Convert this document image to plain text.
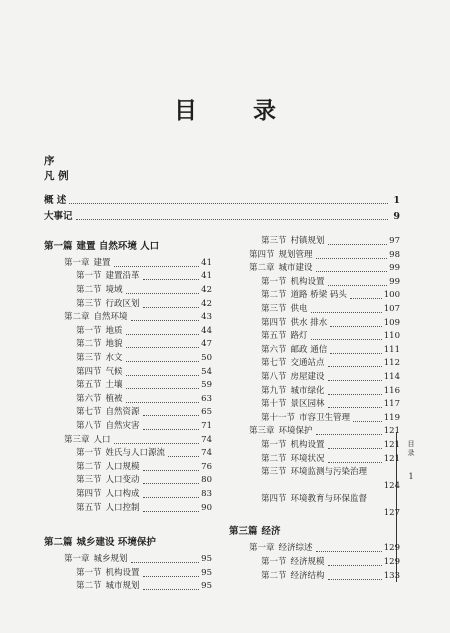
目 录
序
凡 例
概 述	1
大事记	9
目 录
1
第一篇 建置 自然环境 人口
第一章 建置	41
第一节 建置沿革	41
第二节 境域	42
第三节 行政区划	42
第二章 自然环境	43
第一节 地质	44
第二节 地貌	47
第三节 水文	50
第四节 气候	54
第五节 土壤	59
第六节 植被	63
第七节 自然资源	65
第八节 自然灾害	71
第三章 人口	74
第一节 姓氏与人口源流	74
第二节 人口规模	76
第三节 人口变动	80
第四节 人口构成	83
第五节 人口控制	90
第二篇 城乡建设 环境保护
第一章 城乡规划	95
第一节 机构设置	95
第二节 城市规划	95
第三节 村镇规划	97
第四节 规划管理	98
第二章 城市建设	99
第一节 机构设置	99
第二节 道路 桥梁 码头	100
第三节 供电	107
第四节 供水 排水	109
第五节 路灯	110
第六节 邮政 通信	111
第七节 交通站点	112
第八节 房屋建设	114
第九节 城市绿化	116
第十节 景区园林	117
第十一节 市容卫生管理	119
第三章 环境保护	121
第一节 机构设置	121
第二节 环境状况	121
第三节 环境监测与污染治理
124
第四节 环境教育与环保监督
127
第三篇 经济
第一章 经济综述	129
第一节 经济规模	129
第二节 经济结构	133
